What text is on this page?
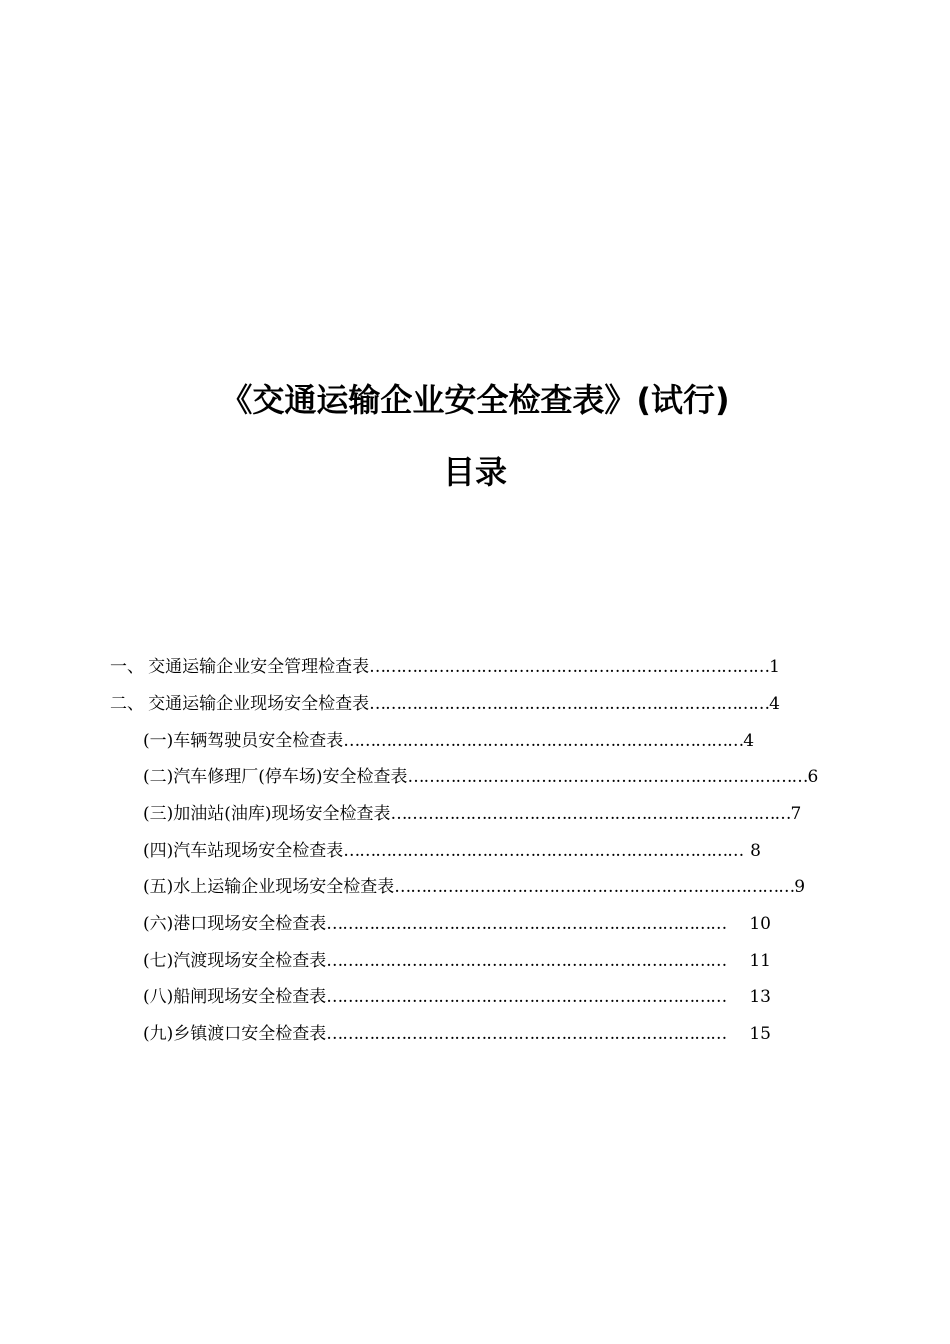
《交通运输企业安全检查表》(试行)
目录
一、 交通运输企业安全管理检查表 ………………………………………………………………… 1
二、 交通运输企业现场安全检查表 ………………………………………………………………… 4
(一)车辆驾驶员安全检查表 ………………………………………………………………… 4
(二)汽车修理厂(停车场)安全检查表 ………………………………………………………………… 6
(三)加油站(油库)现场安全检查表 ………………………………………………………………… 7
(四)汽车站现场安全检查表 ………………………………………………………………… 8
(五)水上运输企业现场安全检查表 ………………………………………………………………… 9
(六)港口现场安全检查表 …………………………………………………………………	10
(七)汽渡现场安全检查表 …………………………………………………………………	11
(八)船闸现场安全检查表 …………………………………………………………………	13
(九)乡镇渡口安全检查表 …………………………………………………………………	15
